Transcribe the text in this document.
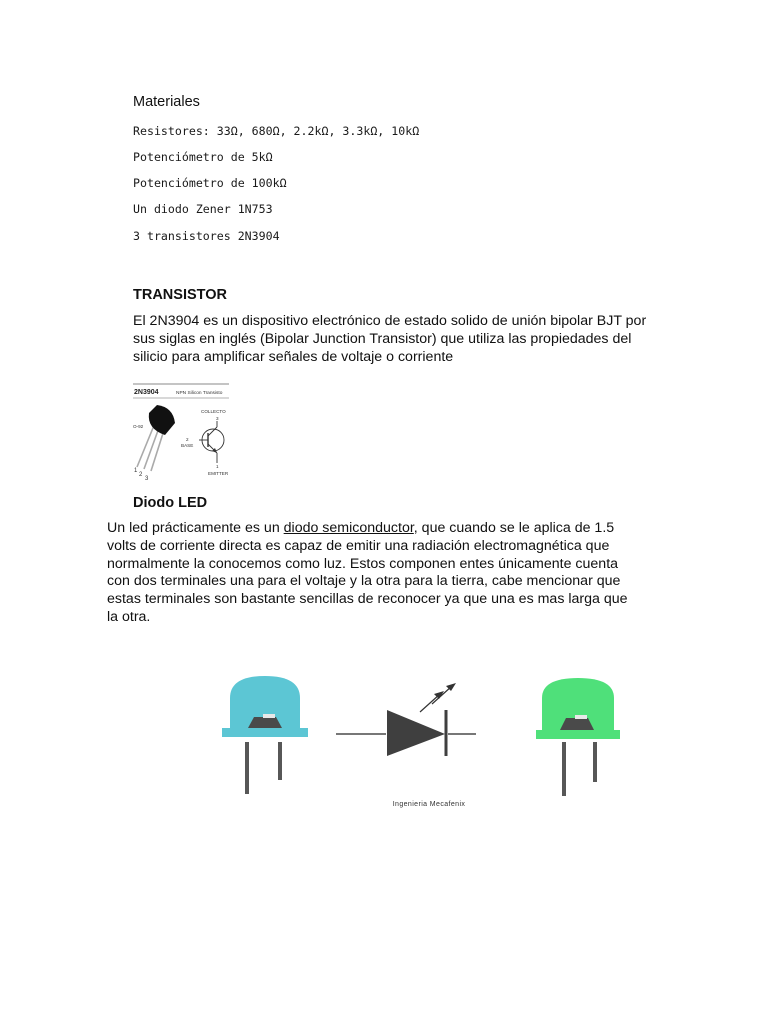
Materiales
Resistores: 33Ω, 680Ω, 2.2kΩ, 3.3kΩ, 10kΩ
Potenciómetro de 5kΩ
Potenciómetro de 100kΩ
Un diodo Zener 1N753
3 transistores 2N3904
TRANSISTOR
El 2N3904 es un dispositivo electrónico de estado solido de unión bipolar BJT por
sus siglas en inglés (Bipolar Junction Transistor) que utiliza las propiedades del
silicio para amplificar señales de voltaje o corriente
2N3904	NPN Silicon Transisto
O-92
1
2
3
COLLECTO
3
2
BASE
1
EMITTER
Diodo LED
Un led prácticamente es un diodo semiconductor, que cuando se le aplica de 1.5
volts de corriente directa es capaz de emitir una radiación electromagnética que
normalmente la conocemos como luz. Estos componen entes únicamente cuenta
con dos terminales una para el voltaje y la otra para la tierra, cabe mencionar que
estas terminales son bastante sencillas de reconocer ya que una es mas larga que
la otra.
Ingenieria Mecafenix
